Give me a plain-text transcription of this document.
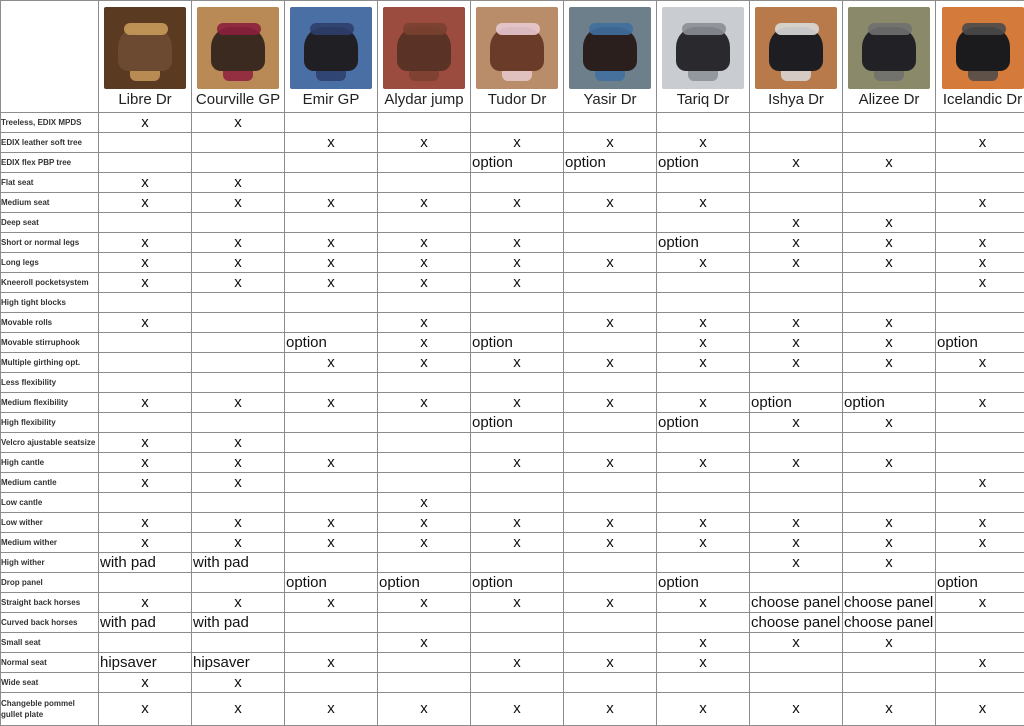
	Libre Dr	Courville GP	Emir GP	Alydar jump	Tudor Dr	Yasir Dr	Tariq Dr	Ishya Dr	Alizee Dr	Icelandic Dr

Treeless, EDIX MPDS	x	x								
EDIX leather soft tree			x	x	x	x	x			x
EDIX flex PBP tree					option	option	option	x	x	
Flat seat	x	x								
Medium seat	x	x	x	x	x	x	x			x
Deep seat								x	x	
Short or normal legs	x	x	x	x	x		option	x	x	x
Long legs	x	x	x	x	x	x	x	x	x	x
Kneeroll pocketsystem	x	x	x	x	x					x
High tight blocks										
Movable rolls	x			x		x	x	x	x	
Movable stirruphook			option	x	option		x	x	x	option
Multiple girthing opt.			x	x	x	x	x	x	x	x
Less flexibility										
Medium flexibility	x	x	x	x	x	x	x	option	option	x
High flexibility					option		option	x	x	
Velcro ajustable seatsize	x	x								
High cantle	x	x	x		x	x	x	x	x	
Medium cantle	x	x								x
Low cantle				x						
Low wither	x	x	x	x	x	x	x	x	x	x
Medium wither	x	x	x	x	x	x	x	x	x	x
High wither	with pad	with pad						x	x	
Drop panel			option	option	option		option			option
Straight back horses	x	x	x	x	x	x	x	choose panel	choose panel	x
Curved back horses	with pad	with pad						choose panel	choose panel	
Small seat				x			x	x	x	
Normal seat	hipsaver	hipsaver	x		x	x	x			x
Wide seat	x	x								
Changeble pommel gullet plate	x	x	x	x	x	x	x	x	x	x
